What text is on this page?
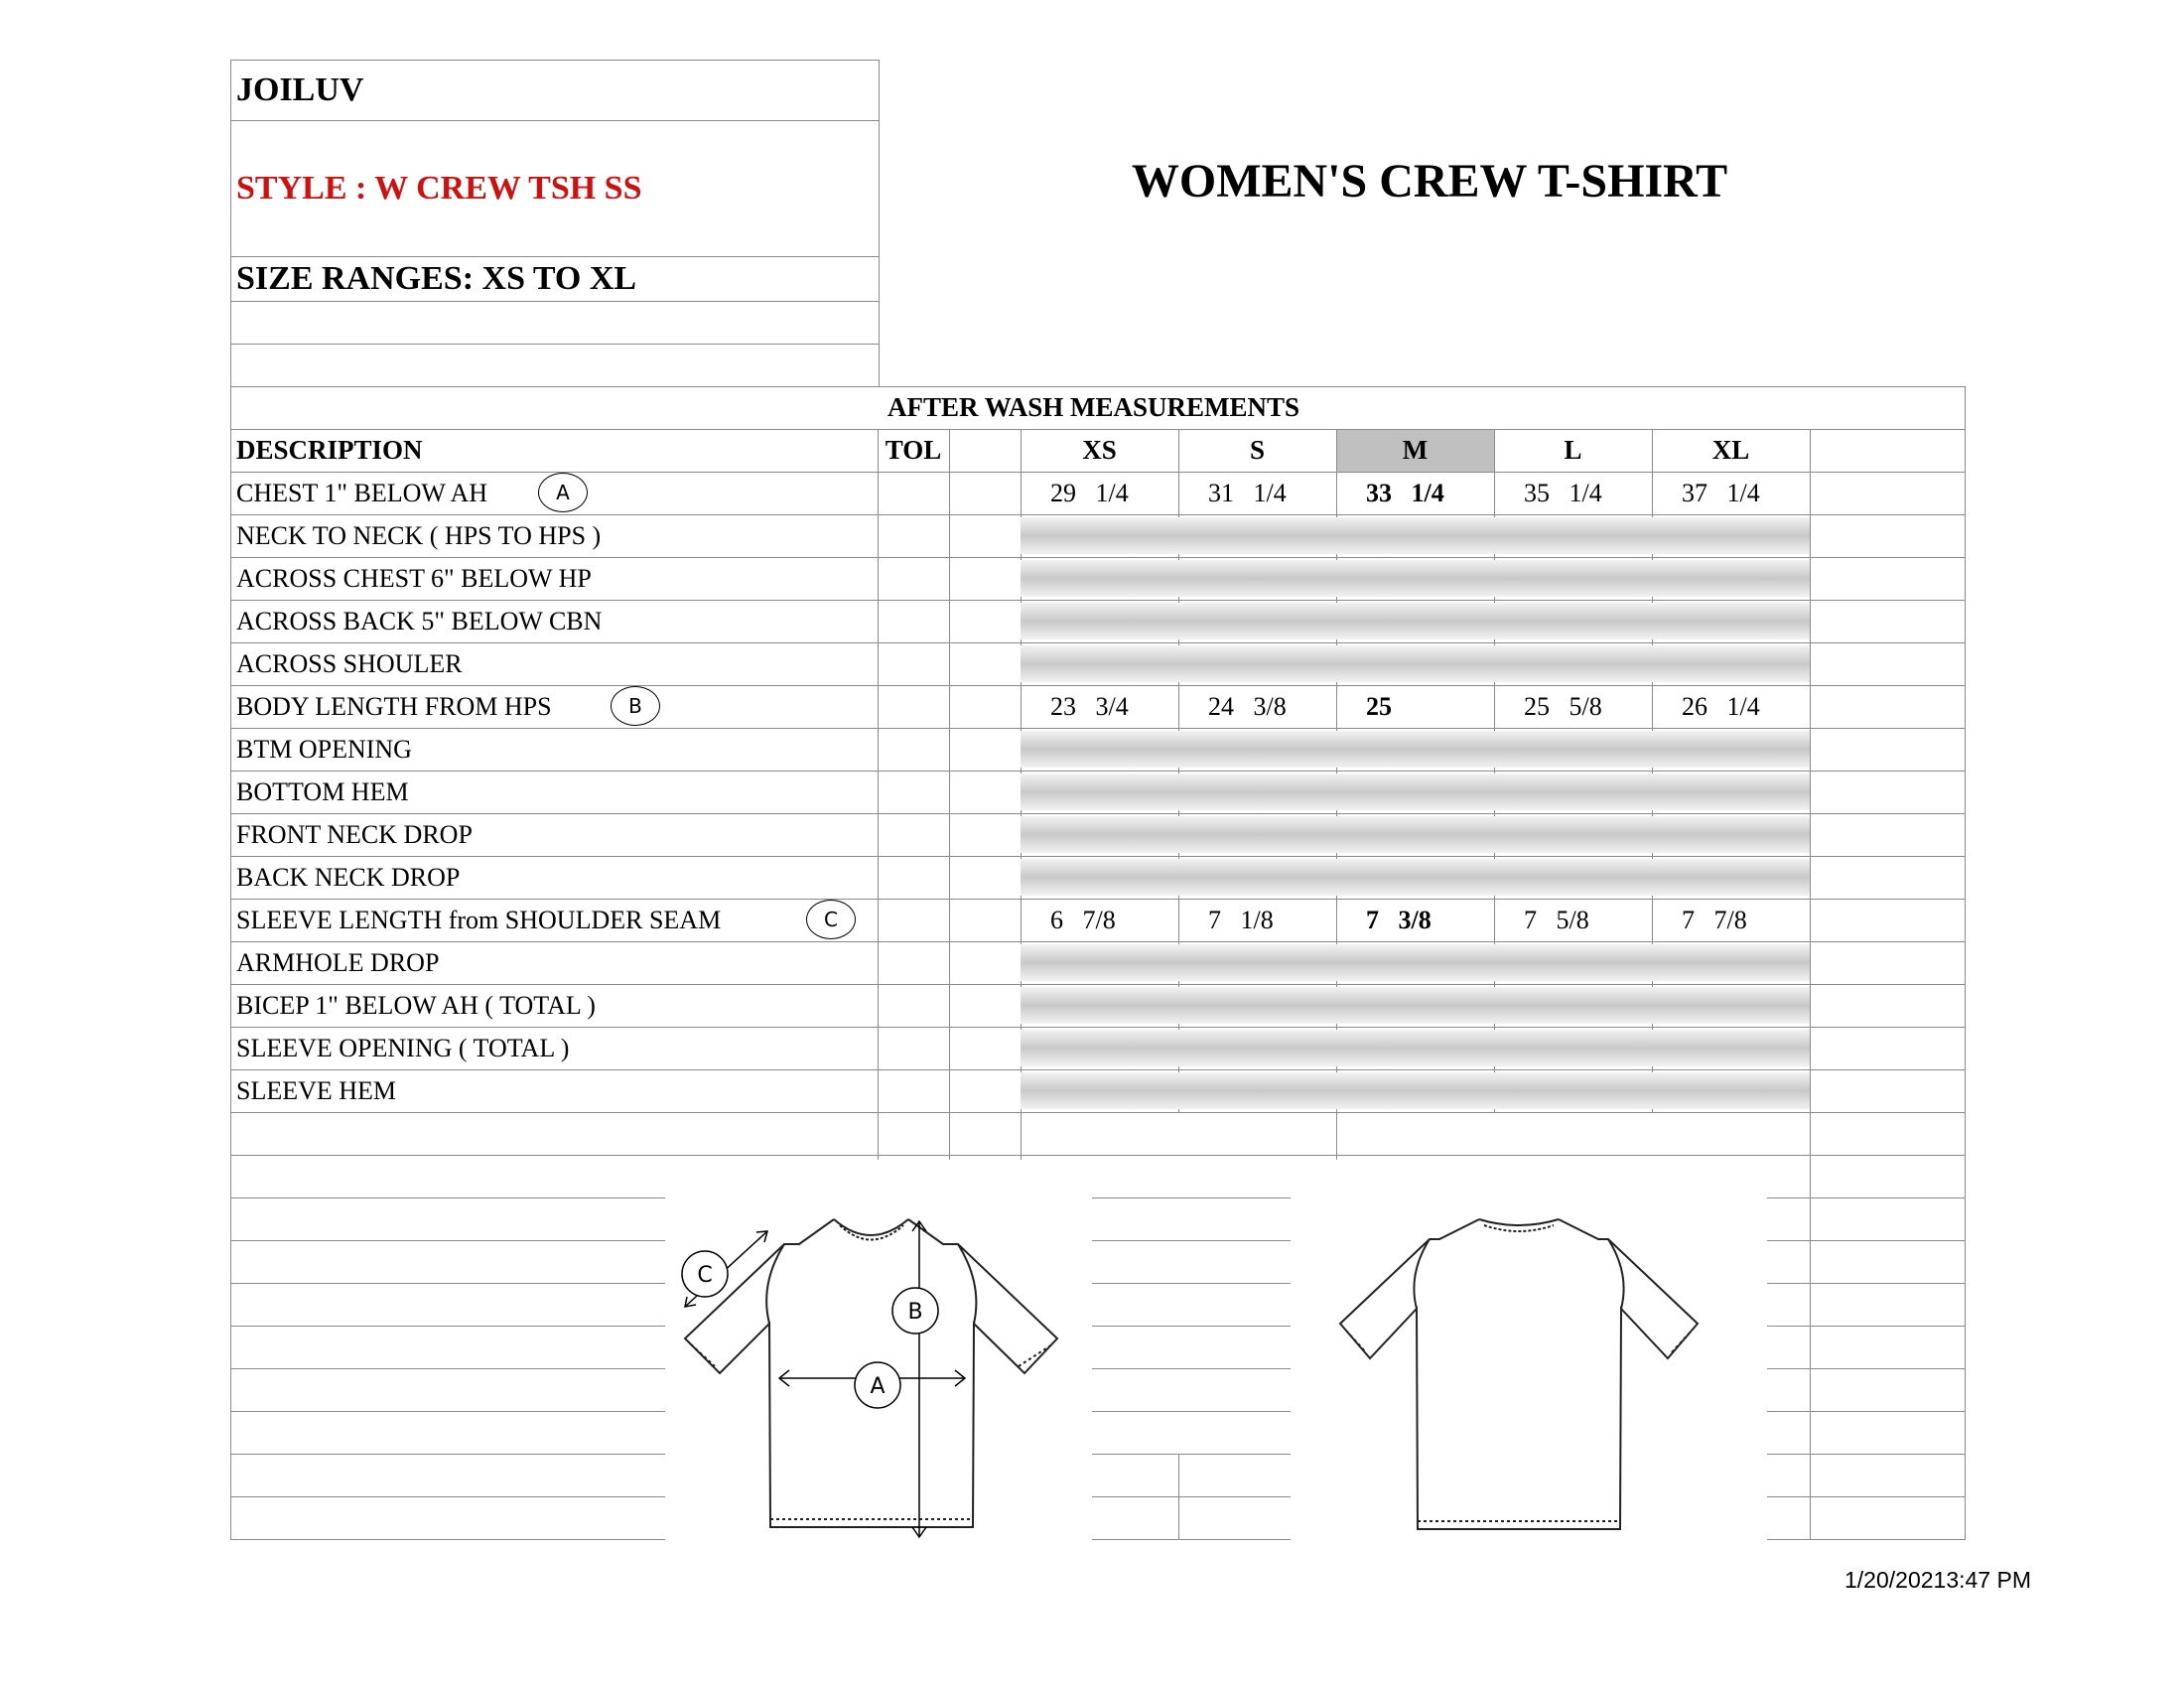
JOILUV
STYLE : W CREW TSH SS
SIZE RANGES: XS TO XL
WOMEN'S CREW T-SHIRT
AFTER WASH MEASUREMENTS
DESCRIPTION	TOL	XS	S	M	L	XL
CHEST 1" BELOW AH	A	29   1/4	31   1/4	33   1/4	35   1/4	37   1/4
NECK TO NECK ( HPS TO HPS )
ACROSS CHEST 6" BELOW HP
ACROSS BACK 5" BELOW CBN
ACROSS SHOULER
BODY LENGTH FROM HPS	B	23   3/4	24   3/8	25	25   5/8	26   1/4
BTM OPENING
BOTTOM HEM
FRONT NECK DROP
BACK NECK DROP
SLEEVE LENGTH from SHOULDER SEAM	C	6   7/8	7   1/8	7   3/8	7   5/8	7   7/8
ARMHOLE DROP
BICEP 1" BELOW AH ( TOTAL )
SLEEVE OPENING ( TOTAL )
SLEEVE HEM
A
B
C
1/20/20213:47 PM
